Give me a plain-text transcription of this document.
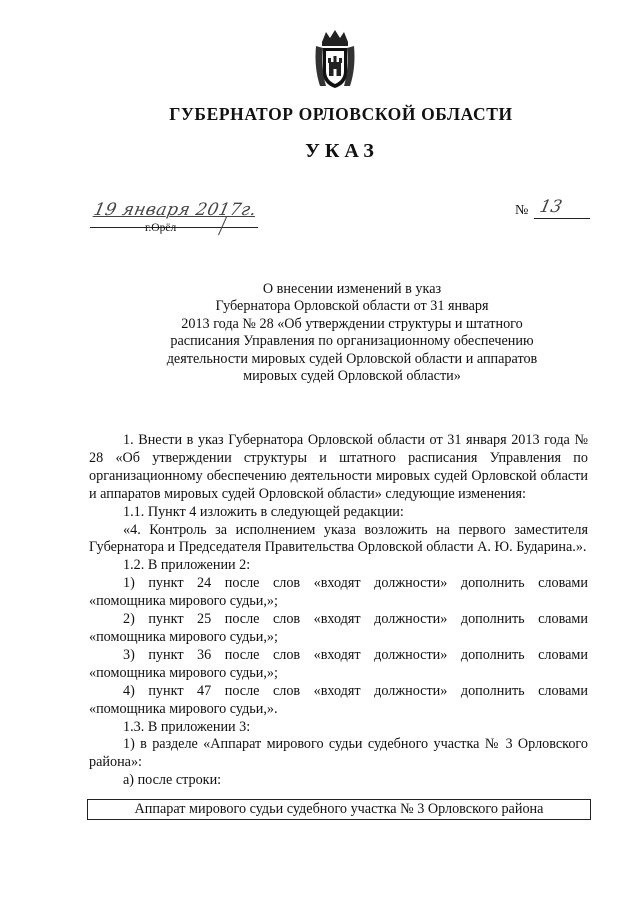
ГУБЕРНАТОР ОРЛОВСКОЙ ОБЛАСТИ
УКАЗ
19 января 2017г.
г.Орёл
№ 13
О внесении изменений в указ
Губернатора Орловской области от 31 января
2013 года № 28 «Об утверждении структуры и штатного
расписания Управления по организационному обеспечению
деятельности мировых судей Орловской области и аппаратов
мировых судей Орловской области»

1. Внести в указ Губернатора Орловской области от 31 января 2013 года № 28 «Об утверждении структуры и штатного расписания Управления по организационному обеспечению деятельности мировых судей Орловской области и аппаратов мировых судей Орловской области» следующие изменения:

1.1. Пункт 4 изложить в следующей редакции:

«4. Контроль за исполнением указа возложить на первого заместителя Губернатора и Председателя Правительства Орловской области А. Ю. Бударина.».

1.2. В приложении 2:

1) пункт 24 после слов «входят должности» дополнить словами «помощника мирового судьи,»;

2) пункт 25 после слов «входят должности» дополнить словами «помощника мирового судьи,»;

3) пункт 36 после слов «входят должности» дополнить словами «помощника мирового судьи,»;

4) пункт 47 после слов «входят должности» дополнить словами «помощника мирового судьи,».

1.3. В приложении 3:

1) в разделе «Аппарат мирового судьи судебного участка № 3 Орловского района»:

а) после строки:

Аппарат мирового судьи судебного участка № 3 Орловского района
